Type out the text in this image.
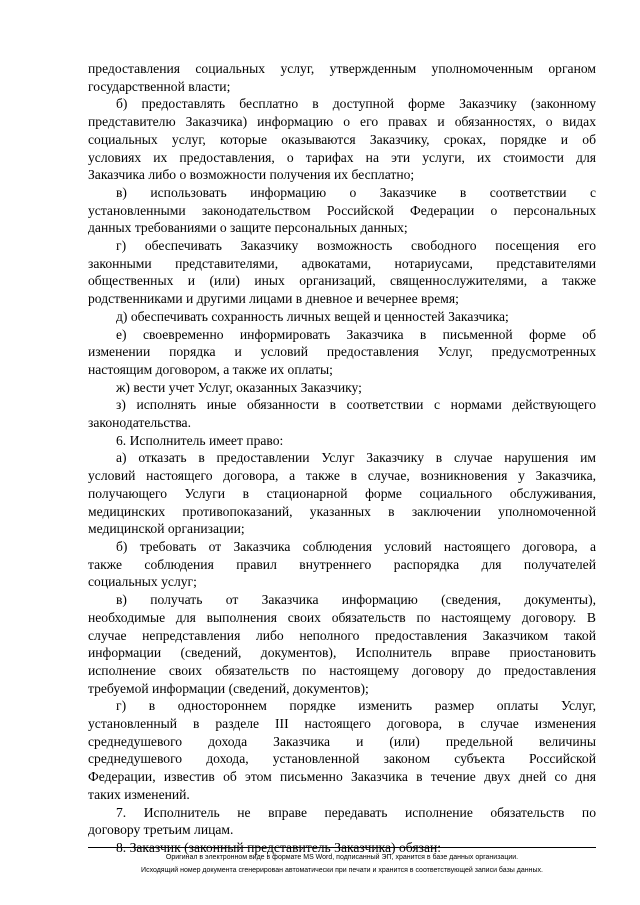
предоставления социальных услуг, утвержденным уполномоченным органом
государственной власти;
б) предоставлять бесплатно в доступной форме Заказчику (законному
представителю Заказчика) информацию о его правах и обязанностях, о видах
социальных услуг, которые оказываются Заказчику, сроках, порядке и об
условиях их предоставления, о тарифах на эти услуги, их стоимости для
Заказчика либо о возможности получения их бесплатно;
в) использовать информацию о Заказчике в соответствии с
установленными законодательством Российской Федерации о персональных
данных требованиями о защите персональных данных;
г) обеспечивать Заказчику возможность свободного посещения его
законными представителями, адвокатами, нотариусами, представителями
общественных и (или) иных организаций, священнослужителями, а также
родственниками и другими лицами в дневное и вечернее время;
д) обеспечивать сохранность личных вещей и ценностей Заказчика;
е) своевременно информировать Заказчика в письменной форме об
изменении порядка и условий предоставления Услуг, предусмотренных
настоящим договором, а также их оплаты;
ж) вести учет Услуг, оказанных Заказчику;
з) исполнять иные обязанности в соответствии с нормами действующего
законодательства.
6. Исполнитель имеет право:
а) отказать в предоставлении Услуг Заказчику в случае нарушения им
условий настоящего договора, а также в случае, возникновения у Заказчика,
получающего Услуги в стационарной форме социального обслуживания,
медицинских противопоказаний, указанных в заключении уполномоченной
медицинской организации;
б) требовать от Заказчика соблюдения условий настоящего договора, а
также соблюдения правил внутреннего распорядка для получателей
социальных услуг;
в) получать от Заказчика информацию (сведения, документы),
необходимые для выполнения своих обязательств по настоящему договору. В
случае непредставления либо неполного предоставления Заказчиком такой
информации (сведений, документов), Исполнитель вправе приостановить
исполнение своих обязательств по настоящему договору до предоставления
требуемой информации (сведений, документов);
г) в одностороннем порядке изменить размер оплаты Услуг,
установленный в разделе III настоящего договора, в случае изменения
среднедушевого дохода Заказчика и (или) предельной величины
среднедушевого дохода, установленной законом субъекта Российской
Федерации, известив об этом письменно Заказчика в течение двух дней со дня
таких изменений.
7. Исполнитель не вправе передавать исполнение обязательств по
договору третьим лицам.
8. Заказчик (законный представитель Заказчика) обязан:
Оригинал в электронном виде в формате MS Word, подписанный ЭП, хранится в базе данных организации.
Исходящий номер документа сгенерирован автоматически при печати и хранится в соответствующей записи базы данных.
